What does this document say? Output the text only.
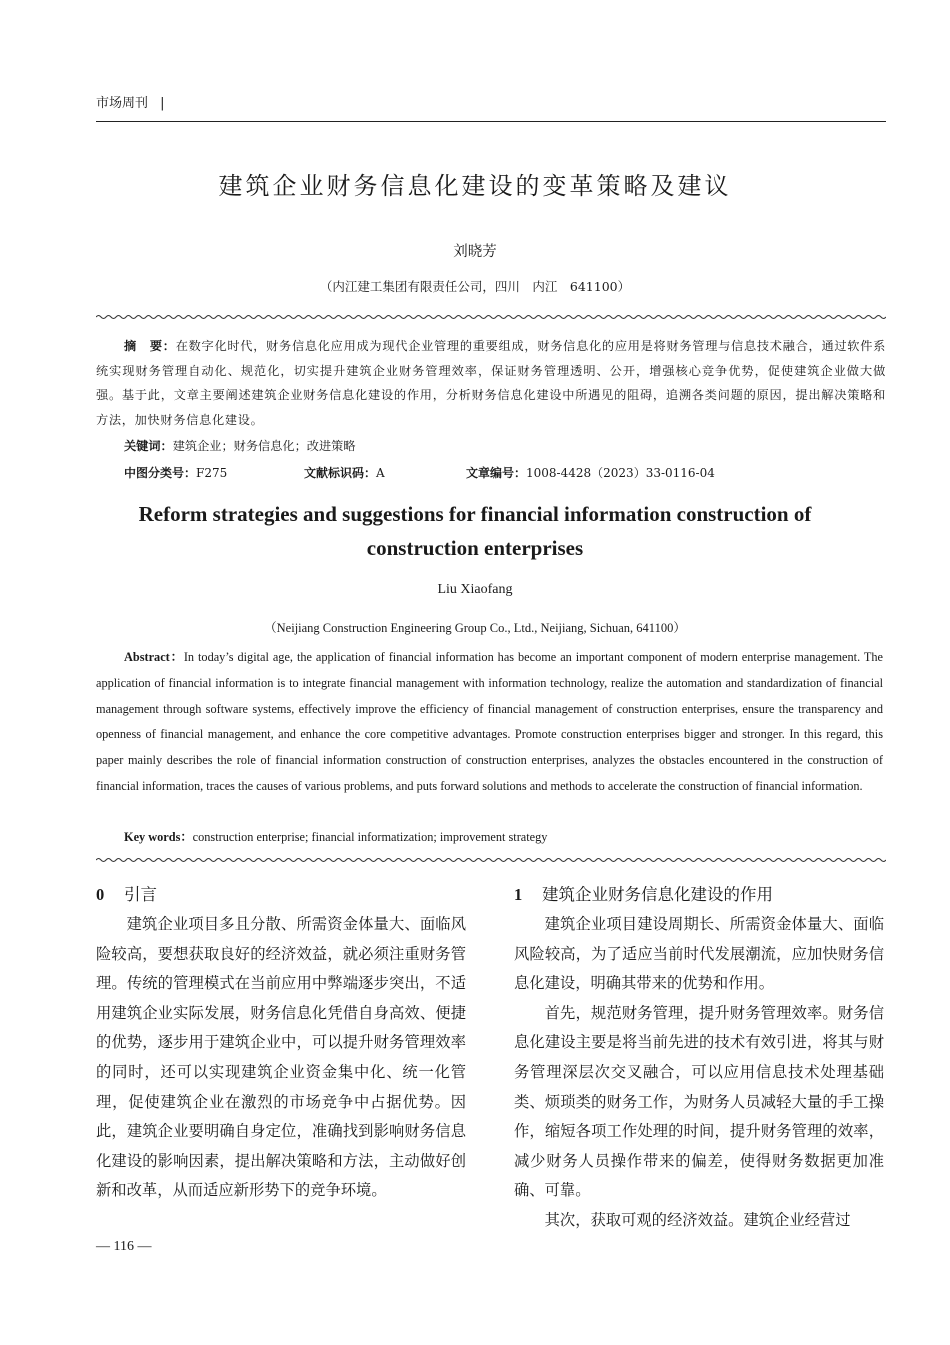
市场周刊 |
建筑企业财务信息化建设的变革策略及建议
刘晓芳
（内江建工集团有限责任公司，四川　内江　641100）
摘　要：在数字化时代，财务信息化应用成为现代企业管理的重要组成，财务信息化的应用是将财务管理与信息技术融合，通过软件系统实现财务管理自动化、规范化，切实提升建筑企业财务管理效率，保证财务管理透明、公开，增强核心竞争优势，促使建筑企业做大做强。基于此，文章主要阐述建筑企业财务信息化建设的作用，分析财务信息化建设中所遇见的阻碍，追溯各类问题的原因，提出解决策略和方法，加快财务信息化建设。
关键词：建筑企业；财务信息化；改进策略
中图分类号：F275	文献标识码：A	文章编号：1008-4428（2023）33-0116-04
Reform strategies and suggestions for financial information construction of construction enterprises
Liu Xiaofang
（Neijiang Construction Engineering Group Co., Ltd., Neijiang, Sichuan, 641100）
Abstract：In today’s digital age, the application of financial information has become an important component of modern enterprise management. The application of financial information is to integrate financial management with information technology, realize the automation and standardization of financial management through software systems, effectively improve the efficiency of financial management of construction enterprises, ensure the transparency and openness of financial management, and enhance the core competitive advantages. Promote construction enterprises bigger and stronger. In this regard, this paper mainly describes the role of financial information construction of construction enterprises, analyzes the obstacles encountered in the construction of financial information, traces the causes of various problems, and puts forward solutions and methods to accelerate the construction of financial information.
Key words：construction enterprise; financial informatization; improvement strategy
0 引言

建筑企业项目多且分散、所需资金体量大、面临风险较高，要想获取良好的经济效益，就必须注重财务管理。传统的管理模式在当前应用中弊端逐步突出，不适用建筑企业实际发展，财务信息化凭借自身高效、便捷的优势，逐步用于建筑企业中，可以提升财务管理效率的同时，还可以实现建筑企业资金集中化、统一化管理，促使建筑企业在激烈的市场竞争中占据优势。因此，建筑企业要明确自身定位，准确找到影响财务信息化建设的影响因素，提出解决策略和方法，主动做好创新和改革，从而适应新形势下的竞争环境。

1 建筑企业财务信息化建设的作用

建筑企业项目建设周期长、所需资金体量大、面临风险较高，为了适应当前时代发展潮流，应加快财务信息化建设，明确其带来的优势和作用。

首先，规范财务管理，提升财务管理效率。财务信息化建设主要是将当前先进的技术有效引进，将其与财务管理深层次交叉融合，可以应用信息技术处理基础类、烦琐类的财务工作，为财务人员减轻大量的手工操作，缩短各项工作处理的时间，提升财务管理的效率，减少财务人员操作带来的偏差，使得财务数据更加准确、可靠。

其次，获取可观的经济效益。建筑企业经营过

— 116 —
